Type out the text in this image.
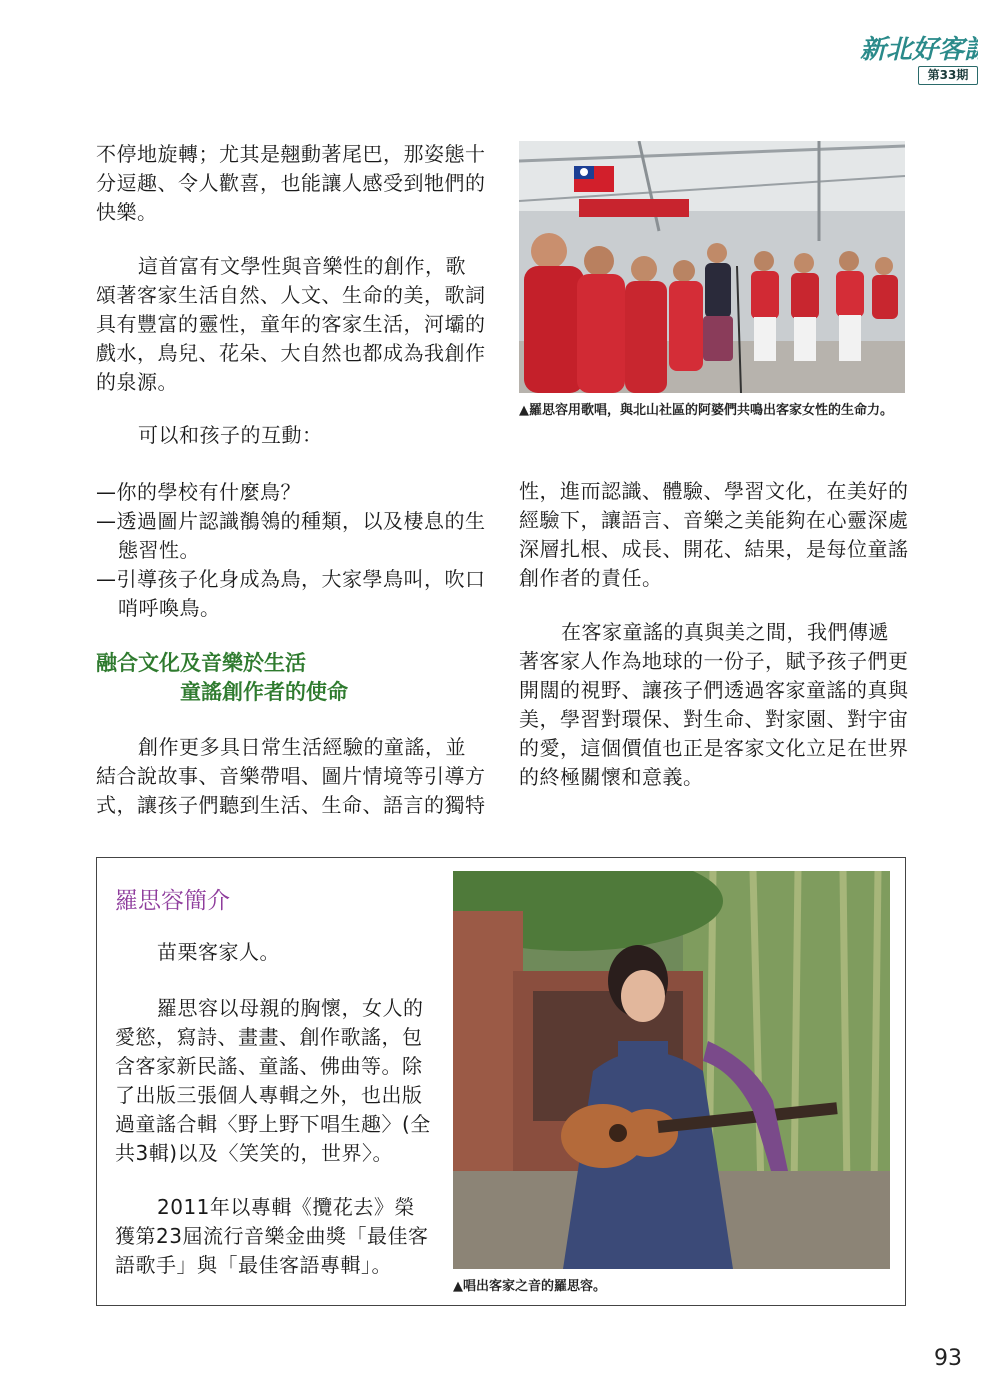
新北好客誌
第33期

不停地旋轉；尤其是翹動著尾巴，那姿態十分逗趣、令人歡喜，也能讓人感受到牠們的快樂。

這首富有文學性與音樂性的創作，歌頌著客家生活自然、人文、生命的美，歌詞具有豐富的靈性，童年的客家生活，河壩的戲水，鳥兒、花朵、大自然也都成為我創作的泉源。

可以和孩子的互動：

—你的學校有什麼鳥？

—透過圖片認識鶺鴒的種類，以及棲息的生態習性。

—引導孩子化身成為鳥，大家學鳥叫，吹口哨呼喚鳥。

融合文化及音樂於生活
童謠創作者的使命

創作更多具日常生活經驗的童謠，並結合說故事、音樂帶唱、圖片情境等引導方式，讓孩子們聽到生活、生命、語言的獨特

▲羅思容用歌唱，與北山社區的阿婆們共鳴出客家女性的生命力。

性，進而認識、體驗、學習文化，在美好的經驗下，讓語言、音樂之美能夠在心靈深處深層扎根、成長、開花、結果，是每位童謠創作者的責任。

在客家童謠的真與美之間，我們傳遞著客家人作為地球的一份子，賦予孩子們更開闊的視野、讓孩子們透過客家童謠的真與美，學習對環保、對生命、對家園、對宇宙的愛，這個價值也正是客家文化立足在世界的終極關懷和意義。

羅思容簡介

苗栗客家人。

羅思容以母親的胸懷，女人的愛慾，寫詩、畫畫、創作歌謠，包含客家新民謠、童謠、佛曲等。除了出版三張個人專輯之外，也出版過童謠合輯〈野上野下唱生趣〉(全共3輯)以及〈笑笑的，世界〉。

2011年以專輯《攬花去》榮獲第23屆流行音樂金曲獎「最佳客語歌手」與「最佳客語專輯」。

▲唱出客家之音的羅思容。
93
